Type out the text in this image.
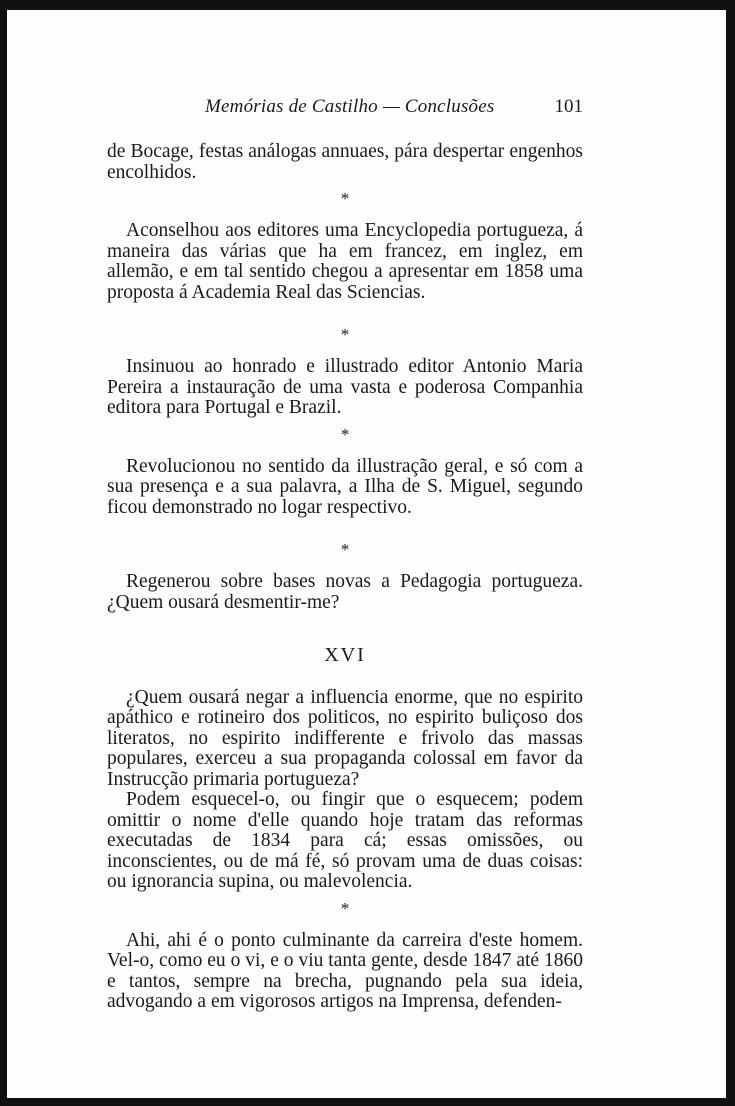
Memórias de Castilho — Conclusões	101

de Bocage, festas análogas annuaes, pára despertar engenhos encolhidos.

*

Aconselhou aos editores uma Encyclopedia portugueza, á maneira das várias que ha em francez, em inglez, em allemão, e em tal sentido chegou a apresentar em 1858 uma proposta á Academia Real das Sciencias.

*

Insinuou ao honrado e illustrado editor Antonio Maria Pereira a instauração de uma vasta e poderosa Companhia editora para Portugal e Brazil.

*

Revolucionou no sentido da illustração geral, e só com a sua presença e a sua palavra, a Ilha de S. Miguel, segundo ficou demonstrado no logar respectivo.

*

Regenerou sobre bases novas a Pedagogia portugueza. ¿Quem ousará desmentir-me?

XVI

¿Quem ousará negar a influencia enorme, que no espirito apáthico e rotineiro dos politicos, no espirito buliçoso dos literatos, no espirito indifferente e frivolo das massas populares, exerceu a sua propaganda colossal em favor da Instrucção primaria portugueza?

Podem esquecel-o, ou fingir que o esquecem; podem omittir o nome d'elle quando hoje tratam das reformas executadas de 1834 para cá; essas omissões, ou inconscientes, ou de má fé, só provam uma de duas coisas: ou ignorancia supina, ou malevolencia.

*

Ahi, ahi é o ponto culminante da carreira d'este homem. Vel-o, como eu o vi, e o viu tanta gente, desde 1847 até 1860 e tantos, sempre na brecha, pugnando pela sua ideia, advogando a em vigorosos artigos na Imprensa, defenden-
